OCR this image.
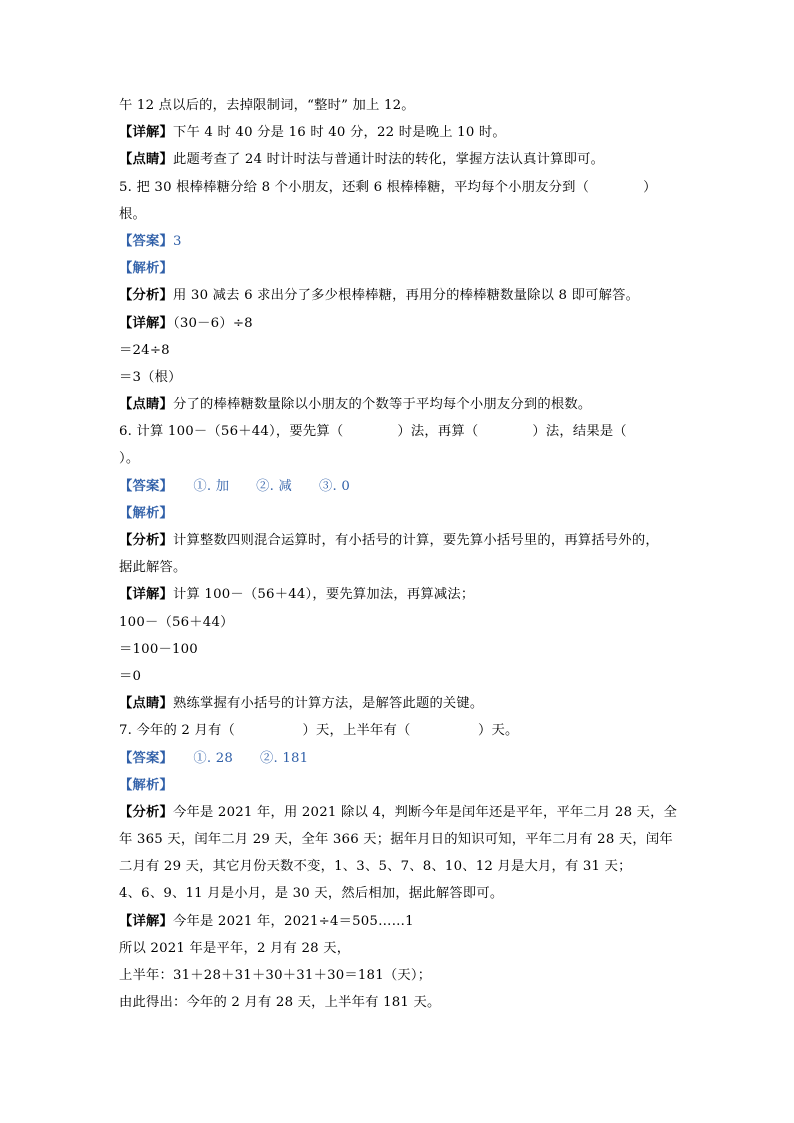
午 12 点以后的，去掉限制词，“整时” 加上 12。
【详解】下午 4 时 40 分是 16 时 40 分，22 时是晚上 10 时。
【点睛】此题考查了 24 时计时法与普通计时法的转化，掌握方法认真计算即可。
5. 把 30 根棒棒糖分给 8 个小朋友，还剩 6 根棒棒糖，平均每个小朋友分到（　　　　）
根。
【答案】3
【解析】
【分析】用 30 减去 6 求出分了多少根棒棒糖，再用分的棒棒糖数量除以 8 即可解答。
【详解】（30－6）÷8
＝24÷8
＝3（根）
【点睛】分了的棒棒糖数量除以小朋友的个数等于平均每个小朋友分到的根数。
6. 计算 100－（56＋44），要先算（　　　　）法，再算（　　　　）法，结果是（
）。
【答案】　　①. 加　　②. 减　　③. 0
【解析】
【分析】计算整数四则混合运算时，有小括号的计算，要先算小括号里的，再算括号外的，
据此解答。
【详解】计算 100－（56＋44），要先算加法，再算减法；
100－（56＋44）
＝100－100
＝0
【点睛】熟练掌握有小括号的计算方法，是解答此题的关键。
7. 今年的 2 月有（　　　　　）天，上半年有（　　　　　）天。
【答案】　　①. 28　　②. 181
【解析】
【分析】今年是 2021 年，用 2021 除以 4，判断今年是闰年还是平年，平年二月 28 天，全
年 365 天，闰年二月 29 天，全年 366 天；据年月日的知识可知，平年二月有 28 天，闰年
二月有 29 天，其它月份天数不变，1、3、5、7、8、10、12 月是大月，有 31 天；
4、6、9、11 月是小月，是 30 天，然后相加，据此解答即可。
【详解】今年是 2021 年，2021÷4＝505……1
所以 2021 年是平年，2 月有 28 天，
上半年：31＋28＋31＋30＋31＋30＝181（天）；
由此得出：今年的 2 月有 28 天，上半年有 181 天。
